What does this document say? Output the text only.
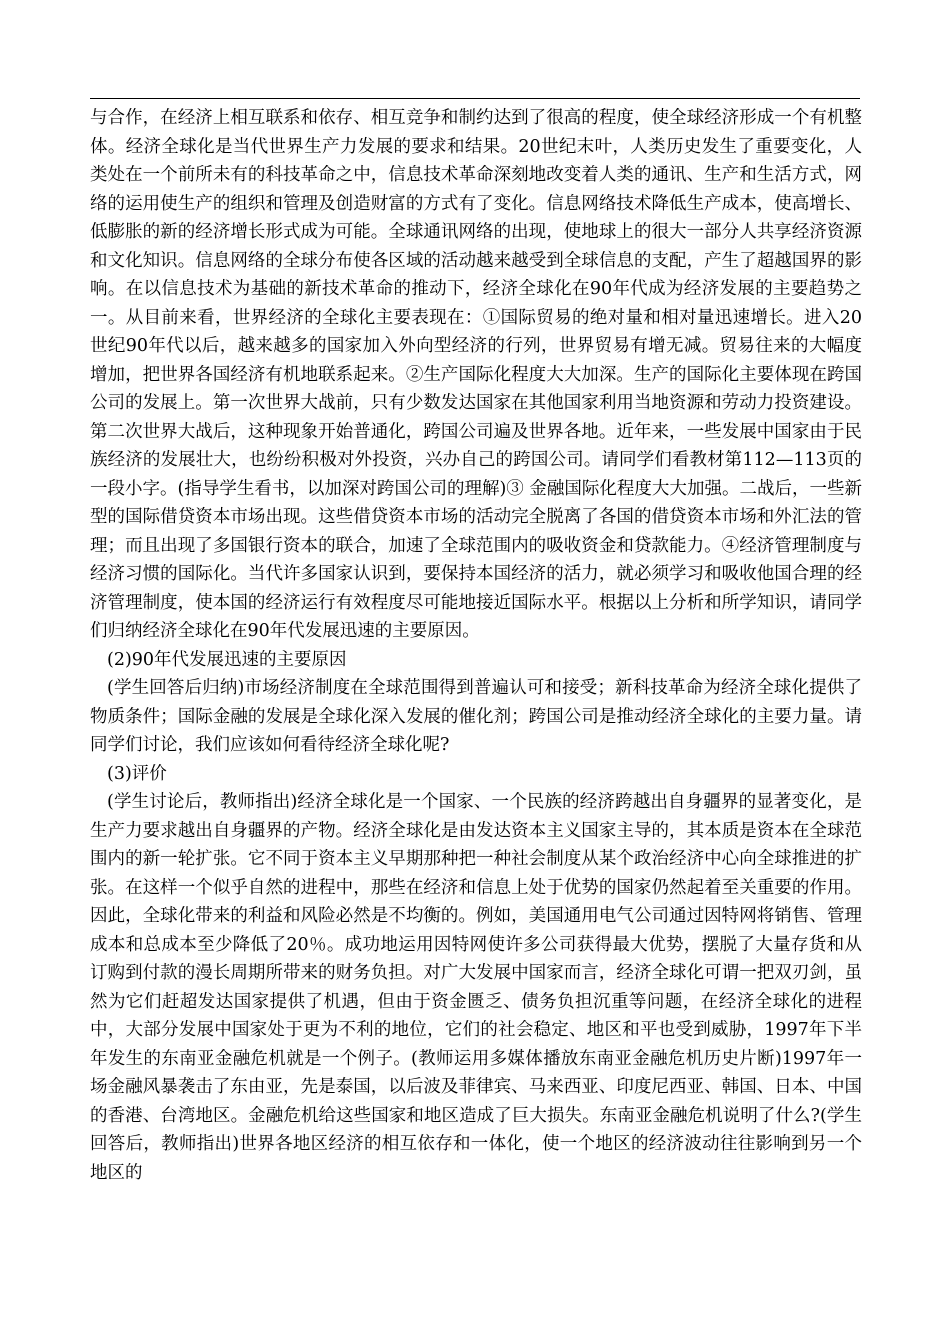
与合作，在经济上相互联系和依存、相互竞争和制约达到了很高的程度，使全球经济形成一个有机整体。经济全球化是当代世界生产力发展的要求和结果。20世纪末叶，人类历史发生了重要变化，人类处在一个前所未有的科技革命之中，信息技术革命深刻地改变着人类的通讯、生产和生活方式，网络的运用使生产的组织和管理及创造财富的方式有了变化。信息网络技术降低生产成本，使高增长、低膨胀的新的经济增长形式成为可能。全球通讯网络的出现，使地球上的很大一部分人共享经济资源和文化知识。信息网络的全球分布使各区域的活动越来越受到全球信息的支配，产生了超越国界的影响。在以信息技术为基础的新技术革命的推动下，经济全球化在90年代成为经济发展的主要趋势之一。从目前来看，世界经济的全球化主要表现在：①国际贸易的绝对量和相对量迅速增长。进入20世纪90年代以后，越来越多的国家加入外向型经济的行列，世界贸易有增无减。贸易往来的大幅度增加，把世界各国经济有机地联系起来。②生产国际化程度大大加深。生产的国际化主要体现在跨国公司的发展上。第一次世界大战前，只有少数发达国家在其他国家利用当地资源和劳动力投资建设。第二次世界大战后，这种现象开始普通化，跨国公司遍及世界各地。近年来，一些发展中国家由于民族经济的发展壮大，也纷纷积极对外投资，兴办自己的跨国公司。请同学们看教材第112—113页的一段小字。(指导学生看书，以加深对跨国公司的理解)③ 金融国际化程度大大加强。二战后，一些新型的国际借贷资本市场出现。这些借贷资本市场的活动完全脱离了各国的借贷资本市场和外汇法的管理；而且出现了多国银行资本的联合，加速了全球范围内的吸收资金和贷款能力。④经济管理制度与经济习惯的国际化。当代许多国家认识到，要保持本国经济的活力，就必须学习和吸收他国合理的经济管理制度，使本国的经济运行有效程度尽可能地接近国际水平。根据以上分析和所学知识，请同学们归纳经济全球化在90年代发展迅速的主要原因。

(2)90年代发展迅速的主要原因

(学生回答后归纳)市场经济制度在全球范围得到普遍认可和接受；新科技革命为经济全球化提供了物质条件；国际金融的发展是全球化深入发展的催化剂；跨国公司是推动经济全球化的主要力量。请同学们讨论，我们应该如何看待经济全球化呢?

(3)评价

(学生讨论后，教师指出)经济全球化是一个国家、一个民族的经济跨越出自身疆界的显著变化，是生产力要求越出自身疆界的产物。经济全球化是由发达资本主义国家主导的，其本质是资本在全球范围内的新一轮扩张。它不同于资本主义早期那种把一种社会制度从某个政治经济中心向全球推进的扩张。在这样一个似乎自然的进程中，那些在经济和信息上处于优势的国家仍然起着至关重要的作用。因此，全球化带来的利益和风险必然是不均衡的。例如，美国通用电气公司通过因特网将销售、管理成本和总成本至少降低了20％。成功地运用因特网使许多公司获得最大优势，摆脱了大量存货和从订购到付款的漫长周期所带来的财务负担。对广大发展中国家而言，经济全球化可谓一把双刃剑，虽然为它们赶超发达国家提供了机遇，但由于资金匮乏、债务负担沉重等问题，在经济全球化的进程中，大部分发展中国家处于更为不利的地位，它们的社会稳定、地区和平也受到威胁，1997年下半年发生的东南亚金融危机就是一个例子。(教师运用多媒体播放东南亚金融危机历史片断)1997年一场金融风暴袭击了东由亚，先是泰国，以后波及菲律宾、马来西亚、印度尼西亚、韩国、日本、中国的香港、台湾地区。金融危机给这些国家和地区造成了巨大损失。东南亚金融危机说明了什么?(学生回答后，教师指出)世界各地区经济的相互依存和一体化，使一个地区的经济波动往往影响到另一个地区的
